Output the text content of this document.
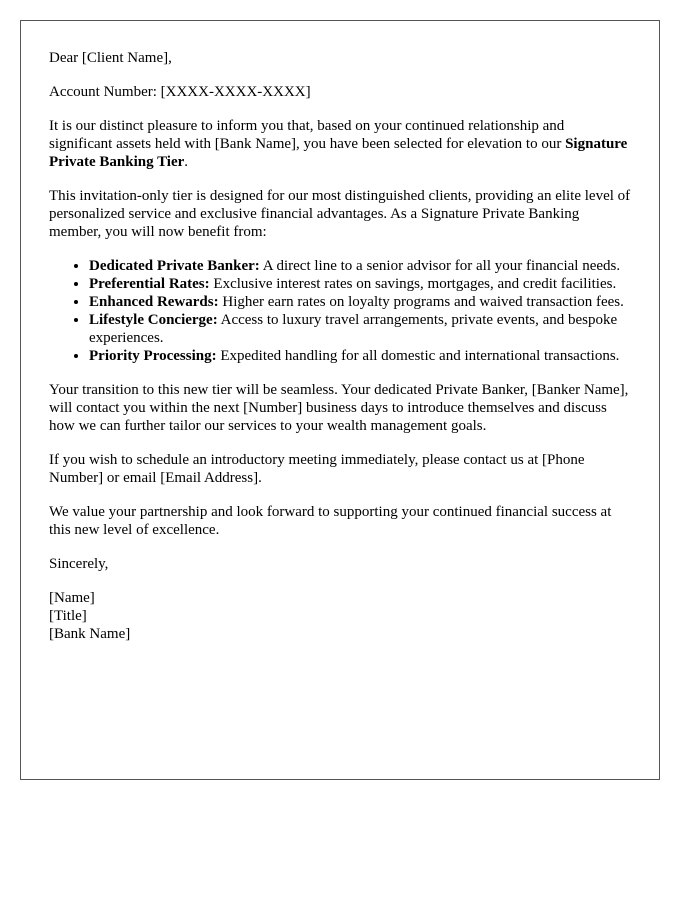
Dear [Client Name],

Account Number: [XXXX-XXXX-XXXX]

It is our distinct pleasure to inform you that, based on your continued relationship and significant assets held with [Bank Name], you have been selected for elevation to our Signature Private Banking Tier.

This invitation-only tier is designed for our most distinguished clients, providing an elite level of personalized service and exclusive financial advantages. As a Signature Private Banking member, you will now benefit from:

• Dedicated Private Banker: A direct line to a senior advisor for all your financial needs.
• Preferential Rates: Exclusive interest rates on savings, mortgages, and credit facilities.
• Enhanced Rewards: Higher earn rates on loyalty programs and waived transaction fees.
• Lifestyle Concierge: Access to luxury travel arrangements, private events, and bespoke experiences.
• Priority Processing: Expedited handling for all domestic and international transactions.

Your transition to this new tier will be seamless. Your dedicated Private Banker, [Banker Name], will contact you within the next [Number] business days to introduce themselves and discuss how we can further tailor our services to your wealth management goals.

If you wish to schedule an introductory meeting immediately, please contact us at [Phone Number] or email [Email Address].

We value your partnership and look forward to supporting your continued financial success at this new level of excellence.

Sincerely,

[Name]
[Title]
[Bank Name]
